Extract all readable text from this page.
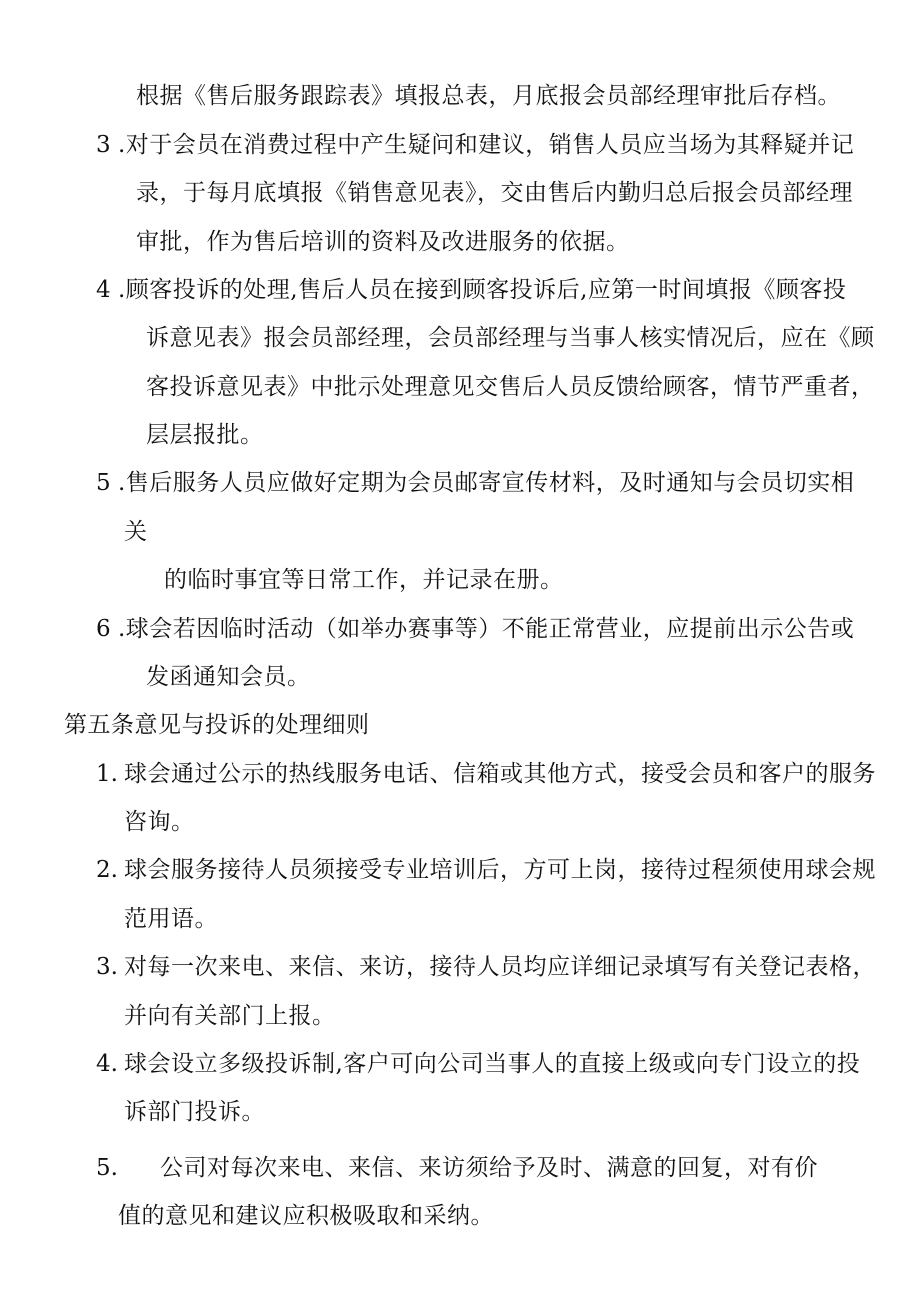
根据《售后服务跟踪表》填报总表，月底报会员部经理审批后存档。
3 .对于会员在消费过程中产生疑问和建议，销售人员应当场为其释疑并记
录，于每月底填报《销售意见表》，交由售后内勤归总后报会员部经理
审批，作为售后培训的资料及改进服务的依据。
4 .顾客投诉的处理,售后人员在接到顾客投诉后,应第一时间填报《顾客投
诉意见表》报会员部经理，会员部经理与当事人核实情况后，应在《顾
客投诉意见表》中批示处理意见交售后人员反馈给顾客，情节严重者，
层层报批。
5 .售后服务人员应做好定期为会员邮寄宣传材料，及时通知与会员切实相
关
的临时事宜等日常工作，并记录在册。
6 .球会若因临时活动（如举办赛事等）不能正常营业，应提前出示公告或
发函通知会员。
第五条意见与投诉的处理细则
1. 球会通过公示的热线服务电话、信箱或其他方式，接受会员和客户的服务
咨询。
2. 球会服务接待人员须接受专业培训后，方可上岗，接待过程须使用球会规
范用语。
3. 对每一次来电、来信、来访，接待人员均应详细记录填写有关登记表格，
并向有关部门上报。
4. 球会设立多级投诉制,客户可向公司当事人的直接上级或向专门设立的投
诉部门投诉。
5. 公司对每次来电、来信、来访须给予及时、满意的回复，对有价
值的意见和建议应积极吸取和采纳。
